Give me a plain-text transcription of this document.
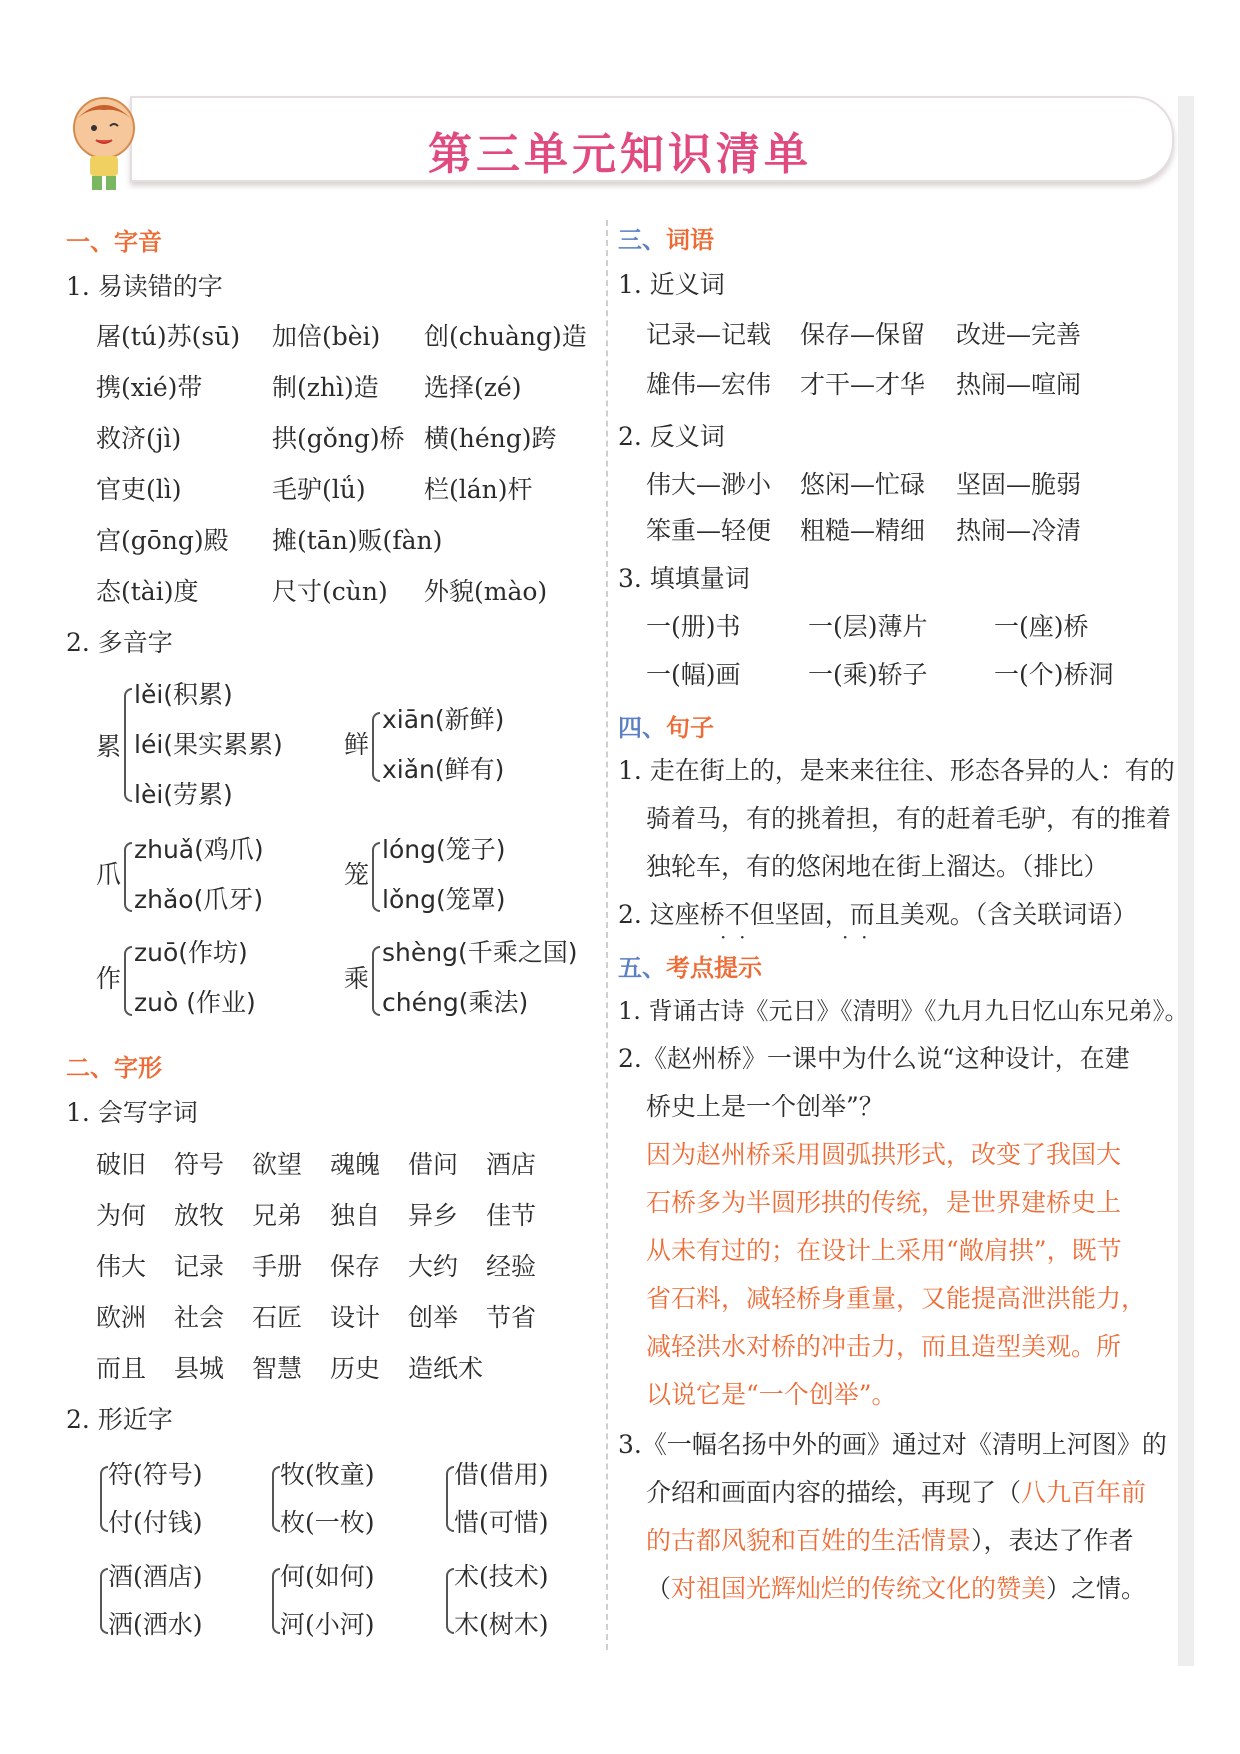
第三单元知识清单
一、字音
1. 易读错的字
屠(tú)苏(sū) 加倍(bèi) 创(chuàng)造
携(xié)带	制(zhì)造 选择(zé)
救济(jì)	拱(gǒng)桥 横(héng)跨
官吏(lì)	毛驴(lǘ) 栏(lán)杆
宫(gōng)殿 摊(tān)贩(fàn)
态(tài)度	尺寸(cùn) 外貌(mào)
2. 多音字
累
lěi(积累)
léi(果实累累)
lèi(劳累)
鲜
xiān(新鲜)
xiǎn(鲜有)
爪
zhuǎ(鸡爪)
zhǎo(爪牙)
笼
lóng(笼子)
lǒng(笼罩)
作
zuō(作坊)
zuò (作业)
乘
shèng(千乘之国)
chéng(乘法)
二、字形
1. 会写字词
破旧 符号 欲望 魂魄 借问 酒店
为何 放牧 兄弟 独自 异乡 佳节
伟大 记录 手册 保存 大约 经验
欧洲 社会 石匠 设计 创举 节省
而且 县城 智慧 历史 造纸术
2. 形近字
符(符号)
付(付钱)
牧(牧童)
枚(一枚)
借(借用)
惜(可惜)
酒(酒店)
洒(洒水)
何(如何)
河(小河)
术(技术)
木(树木)
三、词语
1. 近义词
记录—记载 保存—保留 改进—完善
雄伟—宏伟 才干—才华 热闹—喧闹
2. 反义词
伟大—渺小 悠闲—忙碌 坚固—脆弱
笨重—轻便 粗糙—精细 热闹—冷清
3. 填填量词
一(册)书	一(层)薄片	一(座)桥
一(幅)画	一(乘)轿子	一(个)桥洞
四、句子
1. 走在街上的，是来来往往、形态各异的人：有的
骑着马，有的挑着担，有的赶着毛驴，有的推着
独轮车，有的悠闲地在街上溜达。（排比）
2. 这座桥不但坚固，而且美观。（含关联词语）
·  ·	·  ·
五、考点提示
1. 背诵古诗《元日》《清明》《九月九日忆山东兄弟》。
2.《赵州桥》一课中为什么说“这种设计，在建
桥史上是一个创举”？
因为赵州桥采用圆弧拱形式，改变了我国大
石桥多为半圆形拱的传统，是世界建桥史上
从未有过的；在设计上采用“敞肩拱”，既节
省石料，减轻桥身重量，又能提高泄洪能力，
减轻洪水对桥的冲击力，而且造型美观。所
以说它是“一个创举”。
3.《一幅名扬中外的画》通过对《清明上河图》的
介绍和画面内容的描绘，再现了（八九百年前
的古都风貌和百姓的生活情景），表达了作者
（对祖国光辉灿烂的传统文化的赞美）之情。
